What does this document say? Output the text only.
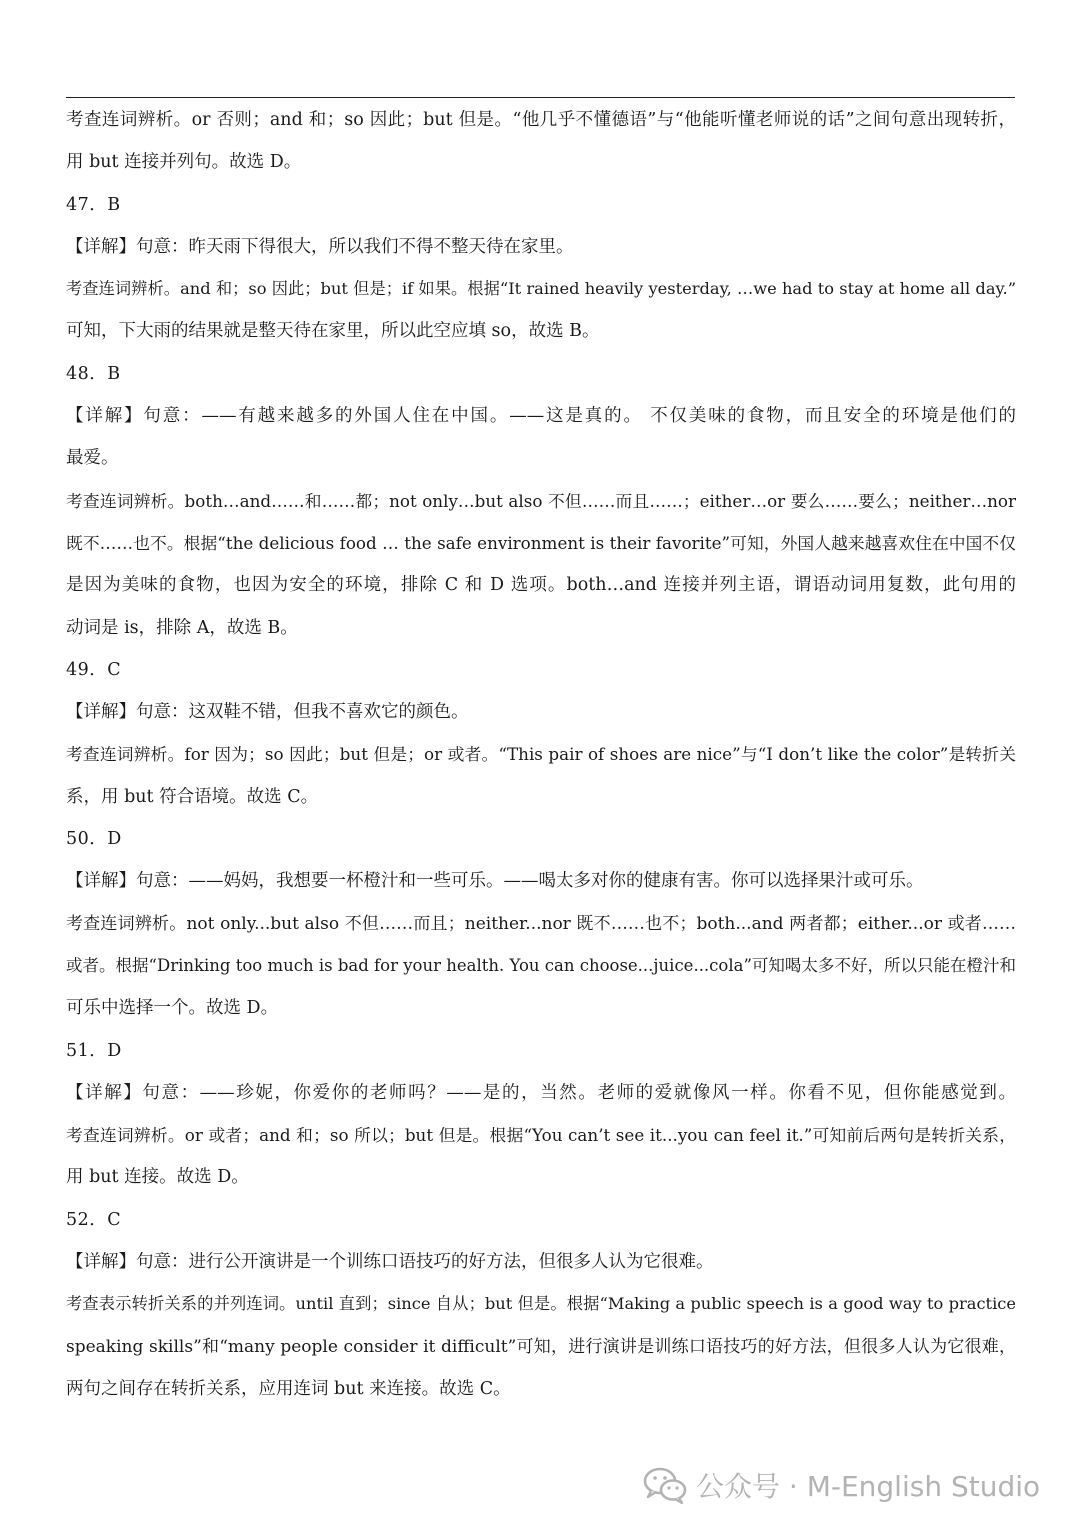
考查连词辨析。or 否则；and 和；so 因此；but 但是。“他几乎不懂德语”与“他能听懂老师说的话”之间句意出现转折，
用 but 连接并列句。故选 D。
47．B
【详解】句意：昨天雨下得很大，所以我们不得不整天待在家里。
考查连词辨析。and 和；so 因此；but 但是；if 如果。根据“It rained heavily yesterday, …we had to stay at home all day.”
可知，下大雨的结果就是整天待在家里，所以此空应填 so，故选 B。
48．B
【详解】句意：——有越来越多的外国人住在中国。——这是真的。 不仅美味的食物，而且安全的环境是他们的
最爱。
考查连词辨析。both…and……和……都；not only…but also 不但……而且……；either…or 要么……要么；neither…nor
既不……也不。根据“the delicious food … the safe environment is their favorite”可知，外国人越来越喜欢住在中国不仅
是因为美味的食物，也因为安全的环境，排除 C 和 D 选项。both…and 连接并列主语，谓语动词用复数，此句用的
动词是 is，排除 A，故选 B。
49．C
【详解】句意：这双鞋不错，但我不喜欢它的颜色。
考查连词辨析。for 因为；so 因此；but 但是；or 或者。“This pair of shoes are nice”与“I don’t like the color”是转折关
系，用 but 符合语境。故选 C。
50．D
【详解】句意：——妈妈，我想要一杯橙汁和一些可乐。——喝太多对你的健康有害。你可以选择果汁或可乐。
考查连词辨析。not only...but also 不但……而且；neither...nor 既不……也不；both...and 两者都；either...or 或者……
或者。根据“Drinking too much is bad for your health. You can choose...juice...cola”可知喝太多不好，所以只能在橙汁和
可乐中选择一个。故选 D。
51．D
【详解】句意：——珍妮，你爱你的老师吗？——是的，当然。老师的爱就像风一样。你看不见，但你能感觉到。
考查连词辨析。or 或者；and 和；so 所以；but 但是。根据“You can’t see it...you can feel it.”可知前后两句是转折关系，
用 but 连接。故选 D。
52．C
【详解】句意：进行公开演讲是一个训练口语技巧的好方法，但很多人认为它很难。
考查表示转折关系的并列连词。until 直到；since 自从；but 但是。根据“Making a public speech is a good way to practice
speaking skills”和“many people consider it difficult”可知，进行演讲是训练口语技巧的好方法，但很多人认为它很难，
两句之间存在转折关系，应用连词 but 来连接。故选 C。
公众号 · M-English Studio
